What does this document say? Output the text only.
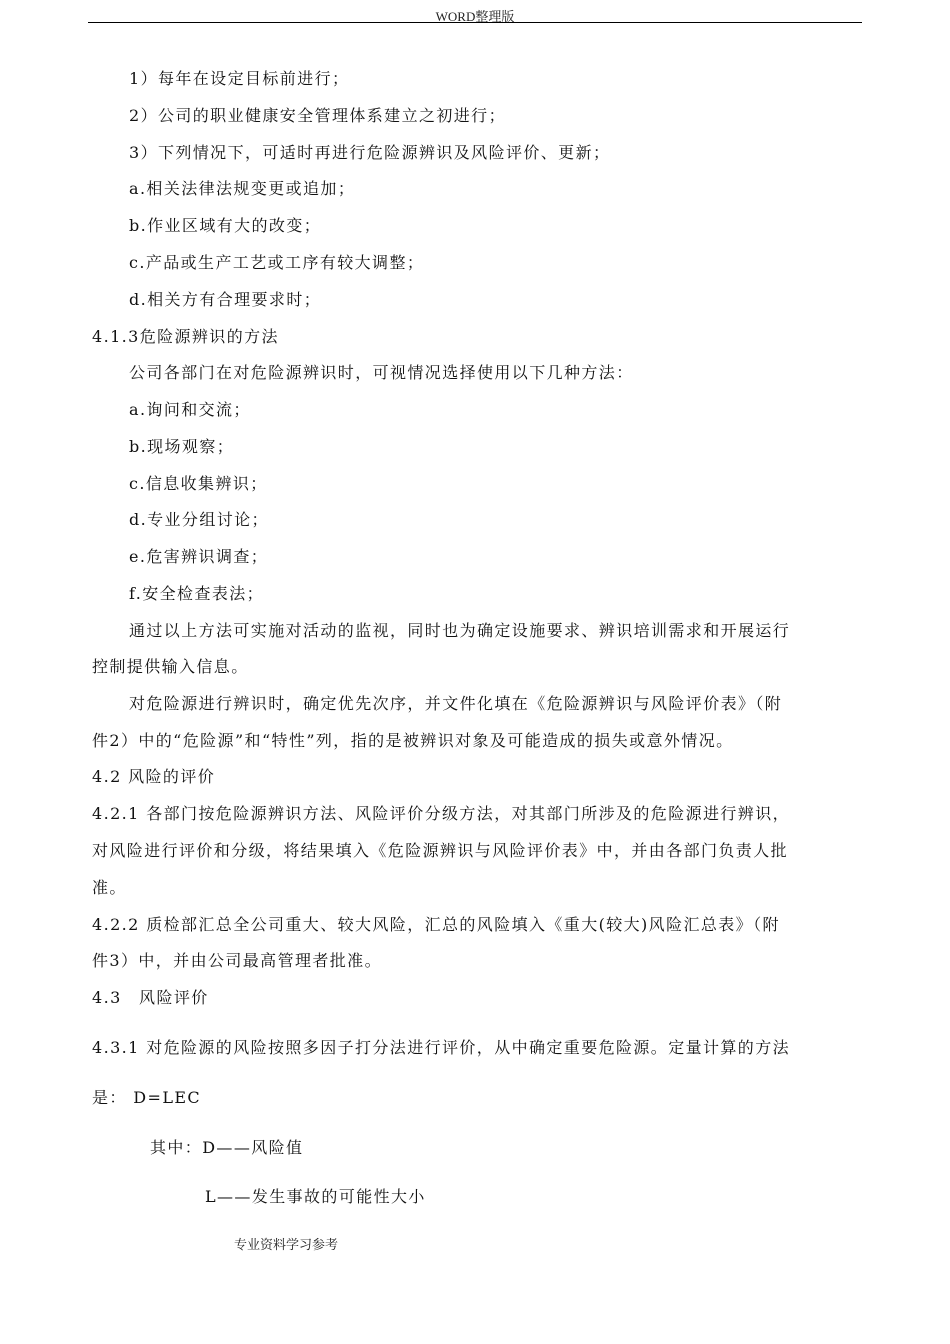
WORD整理版
1）每年在设定目标前进行；
2）公司的职业健康安全管理体系建立之初进行；
3）下列情况下，可适时再进行危险源辨识及风险评价、更新；
a.相关法律法规变更或追加；
b.作业区域有大的改变；
c.产品或生产工艺或工序有较大调整；
d.相关方有合理要求时；
4.1.3危险源辨识的方法
公司各部门在对危险源辨识时，可视情况选择使用以下几种方法：
a.询问和交流；
b.现场观察；
c.信息收集辨识；
d.专业分组讨论；
e.危害辨识调查；
f.安全检查表法；
通过以上方法可实施对活动的监视，同时也为确定设施要求、辨识培训需求和开展运行
控制提供输入信息。
对危险源进行辨识时，确定优先次序，并文件化填在《危险源辨识与风险评价表》（附
件2）中的“危险源”和“特性”列，指的是被辨识对象及可能造成的损失或意外情况。
4.2 风险的评价
4.2.1 各部门按危险源辨识方法、风险评价分级方法，对其部门所涉及的危险源进行辨识，
对风险进行评价和分级，将结果填入《危险源辨识与风险评价表》中，并由各部门负责人批
准。
4.2.2 质检部汇总全公司重大、较大风险，汇总的风险填入《重大(较大)风险汇总表》（附
件3）中，并由公司最高管理者批准。
4.3　风险评价
4.3.1 对危险源的风险按照多因子打分法进行评价，从中确定重要危险源。定量计算的方法
是： D=LEC
其中：D——风险值
L——发生事故的可能性大小
专业资料学习参考
